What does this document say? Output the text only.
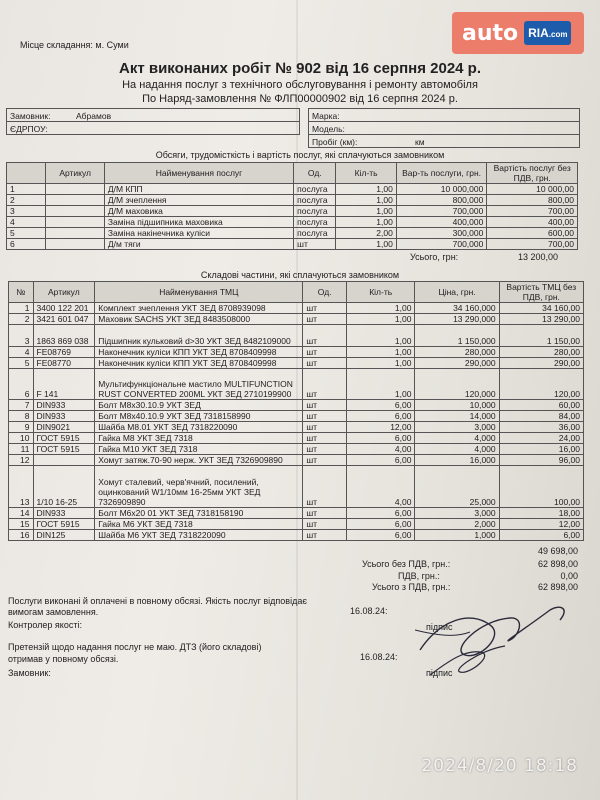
auto RIA.com
Місце складання: м. Суми
Акт виконаних робіт № 902 від 16 серпня 2024 р.
На надання послуг з технічного обслуговування і ремонту автомобіля
По Наряд-замовлення № ФЛП00000902 від 16 серпня 2024 р.
Замовник:	Абрамов		Марка:	
ЄДРПОУ:			Модель:	
			Пробіг (км):	км
Обсяги, трудомісткість і вартість послуг, які сплачуються замовником
	Артикул	Найменування послуг	Од.	Кіл-ть	Вар-ть послуги, грн.	Вартість послуг без ПДВ, грн.
1		Д/М КПП	послуга	1,00	10 000,000	10 000,00
2		Д/М зчеплення	послуга	1,00	800,000	800,00
3		Д/М маховика	послуга	1,00	700,000	700,00
4		Заміна підшипника маховика	послуга	1,00	400,000	400,00
5		Заміна накінечника куліси	послуга	2,00	300,000	600,00
6		Д/м тяги	шт	1,00	700,000	700,00
Усього, грн:	13 200,00
Складові частини, які сплачуються замовником
№	Артикул	Найменування ТМЦ	Од.	Кіл-ть	Ціна, грн.	Вартість ТМЦ без ПДВ, грн.
1	3400 122 201	Комплект зчеплення УКТ ЗЕД 8708939098	шт	1,00	34 160,000	34 160,00
2	3421 601 047	Маховик SACHS УКТ ЗЕД 8483508000	шт	1,00	13 290,000	13 290,00
3	1863 869 038	Підшипник кульковий d>30 УКТ ЗЕД 8482109000	шт	1,00	1 150,000	1 150,00
4	FE08769	Наконечник куліси КПП УКТ ЗЕД 8708409998	шт	1,00	280,000	280,00
5	FE08770	Наконечник куліси КПП УКТ ЗЕД 8708409998	шт	1,00	290,000	290,00
6	F 141	Мультифункціональне мастило MULTIFUNCTION RUST CONVERTED 200ML УКТ ЗЕД 2710199900	шт	1,00	120,000	120,00
7	DIN933	Болт М8х30.10.9 УКТ ЗЕД	шт	6,00	10,000	60,00
8	DIN933	Болт М8х40.10.9 УКТ ЗЕД 7318158990	шт	6,00	14,000	84,00
9	DIN9021	Шайба М8.01 УКТ ЗЕД 7318220090	шт	12,00	3,000	36,00
10	ГОСТ 5915	Гайка М8 УКТ ЗЕД 7318	шт	6,00	4,000	24,00
11	ГОСТ 5915	Гайка М10 УКТ ЗЕД 7318	шт	4,00	4,000	16,00
12		Хомут затяж.70-90 нерж. УКТ ЗЕД 7326909890	шт	6,00	16,000	96,00
13	1/10 16-25	Хомут сталевий, черв'ячний, посилений, оцинкований W1/10мм 16-25мм УКТ ЗЕД 7326909890	шт	4,00	25,000	100,00
14	DIN933	Болт М6х20 01 УКТ ЗЕД 7318158190	шт	6,00	3,000	18,00
15	ГОСТ 5915	Гайка М6 УКТ ЗЕД 7318	шт	6,00	2,000	12,00
16	DIN125	Шайба М6 УКТ ЗЕД 7318220090	шт	6,00	1,000	6,00
49 698,00
Усього без ПДВ, грн.:	62 898,00
ПДВ, грн.:	0,00
Усього з ПДВ, грн.:	62 898,00
Послуги виконані й оплачені в повному обсязі. Якість послуг відповідає
вимогам замовлення.
Контролер якості:
16.08.24:
підпис
Претензій щодо надання послуг не маю. ДТЗ (його складові)
отримав у повному обсязі.
Замовник:
16.08.24:
підпис
2024/8/20 18:18
